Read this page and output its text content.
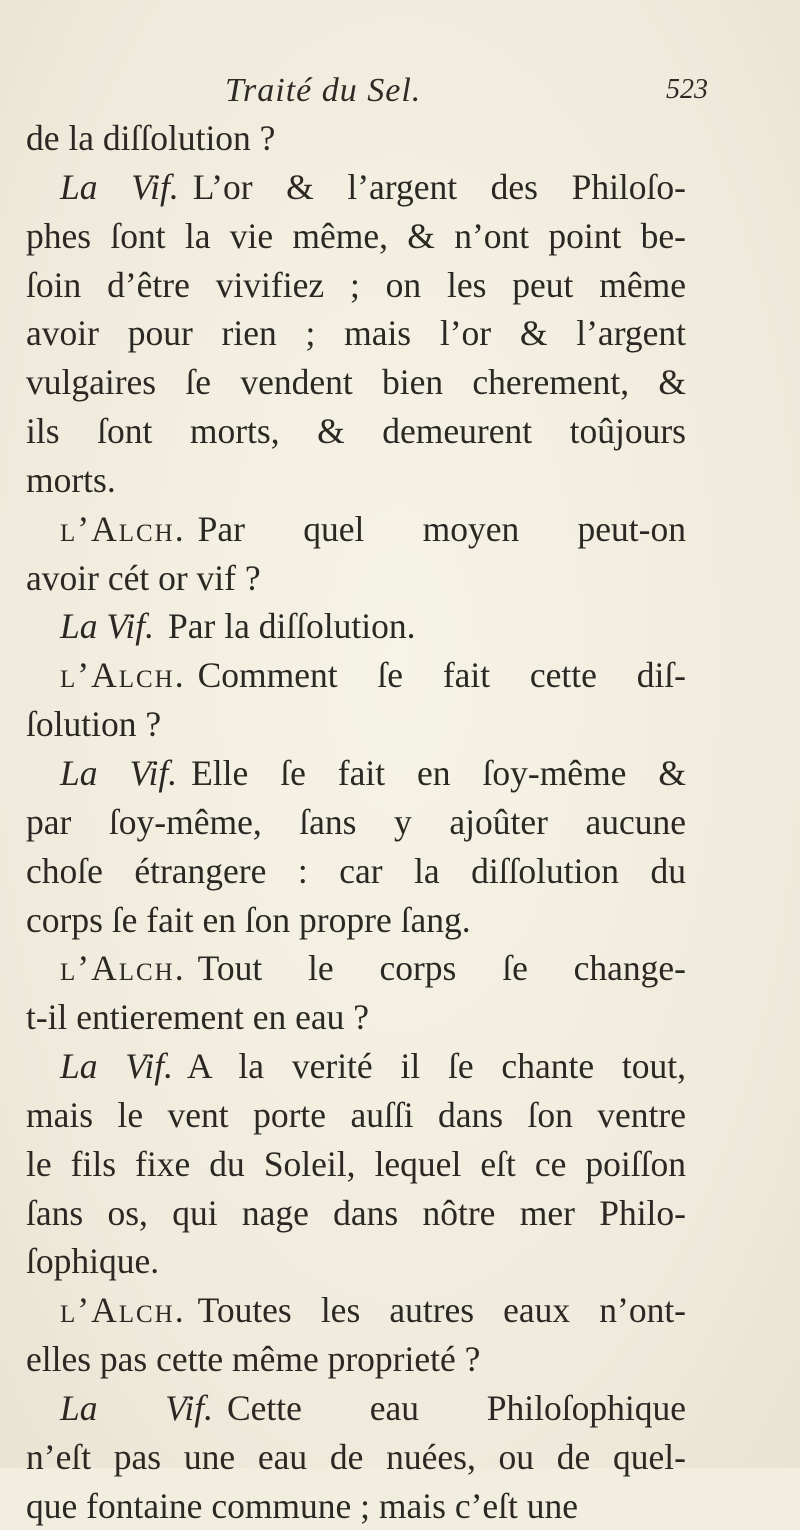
Traité du Sel.	523
de la diſſolution ?
La Vif. L’or & l’argent des Philoſo-
phes ſont la vie même, & n’ont point be-
ſoin d’être vivifiez ; on les peut même
avoir pour rien ; mais l’or & l’argent
vulgaires ſe vendent bien cherement, &
ils ſont morts, & demeurent toûjours
morts.
l’Alch. Par quel moyen peut-on
avoir cét or vif ?
La Vif. Par la diſſolution.
l’Alch. Comment ſe fait cette diſ-
ſolution ?
La Vif. Elle ſe fait en ſoy-même &
par ſoy-même, ſans y ajoûter aucune
choſe étrangere : car la diſſolution du
corps ſe fait en ſon propre ſang.
l’Alch. Tout le corps ſe change-
t-il entierement en eau ?
La Vif. A la verité il ſe chante tout,
mais le vent porte auſſi dans ſon ventre
le fils fixe du Soleil, lequel eſt ce poiſſon
ſans os, qui nage dans nôtre mer Philo-
ſophique.
l’Alch. Toutes les autres eaux n’ont-
elles pas cette même proprieté ?
La Vif. Cette eau Philoſophique
n’eſt pas une eau de nuées, ou de quel-
que fontaine commune ; mais c’eſt une
